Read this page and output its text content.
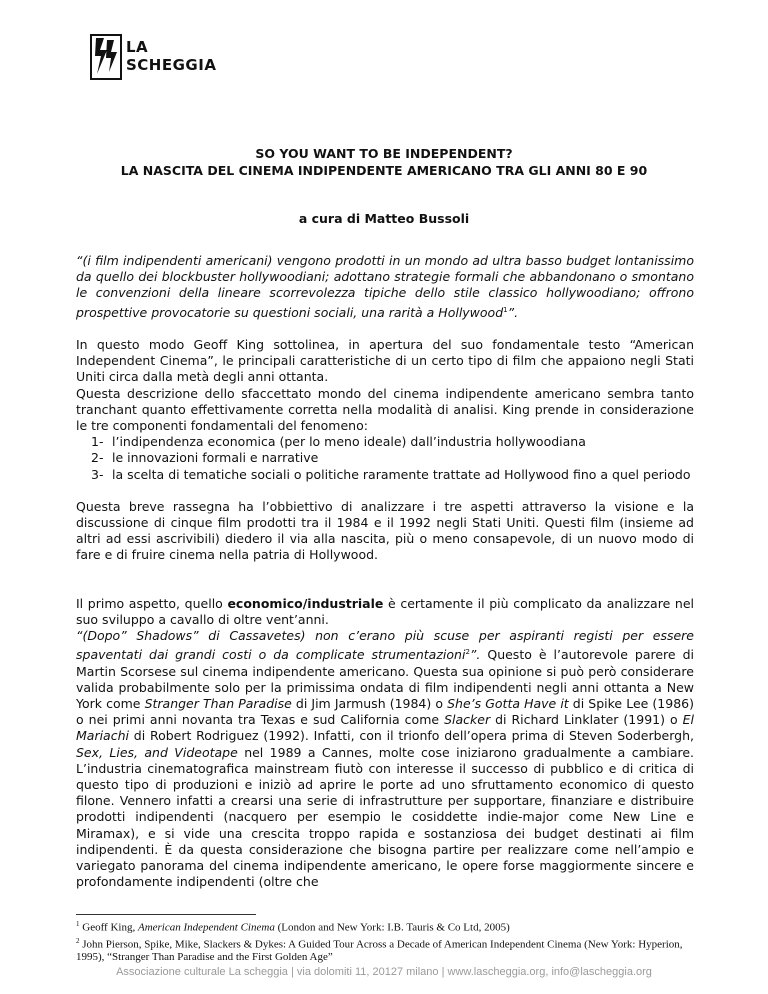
LA
SCHEGGIA
SO YOU WANT TO BE INDEPENDENT?
LA NASCITA DEL CINEMA INDIPENDENTE AMERICANO TRA GLI ANNI 80 E 90
a cura di Matteo Bussoli

“(i film indipendenti americani) vengono prodotti in un mondo ad ultra basso budget lontanissimo da quello dei blockbuster hollywoodiani; adottano strategie formali che abbandonano o smontano le convenzioni della lineare scorrevolezza tipiche dello stile classico hollywoodiano; offrono prospettive provocatorie su questioni sociali, una rarità a Hollywood$^1$”.

In questo modo Geoff King sottolinea, in apertura del suo fondamentale testo “American Independent Cinema”, le principali caratteristiche di un certo tipo di film che appaiono negli Stati Uniti circa dalla metà degli anni ottanta.

Questa descrizione dello sfaccettato mondo del cinema indipendente americano sembra tanto tranchant quanto effettivamente corretta nella modalità di analisi. King prende in considerazione le tre componenti fondamentali del fenomeno:

1- l’indipendenza economica (per lo meno ideale) dall’industria hollywoodiana
2- le innovazioni formali e narrative
3- la scelta di tematiche sociali o politiche raramente trattate ad Hollywood fino a quel periodo

Questa breve rassegna ha l’obbiettivo di analizzare i tre aspetti attraverso la visione e la discussione di cinque film prodotti tra il 1984 e il 1992 negli Stati Uniti. Questi film (insieme ad altri ad essi ascrivibili) diedero il via alla nascita, più o meno consapevole, di un nuovo modo di fare e di fruire cinema nella patria di Hollywood.

Il primo aspetto, quello economico/industriale è certamente il più complicato da analizzare nel suo sviluppo a cavallo di oltre vent’anni.

“(Dopo” Shadows” di Cassavetes) non c’erano più scuse per aspiranti registi per essere spaventati dai grandi costi o da complicate strumentazioni$^2$”. Questo è l’autorevole parere di Martin Scorsese sul cinema indipendente americano. Questa sua opinione si può però considerare valida probabilmente solo per la primissima ondata di film indipendenti negli anni ottanta a New York come Stranger Than Paradise di Jim Jarmush (1984) o She’s Gotta Have it di Spike Lee (1986) o nei primi anni novanta tra Texas e sud California come Slacker di Richard Linklater (1991) o El Mariachi di Robert Rodriguez (1992). Infatti, con il trionfo dell’opera prima di Steven Soderbergh, Sex, Lies, and Videotape nel 1989 a Cannes, molte cose iniziarono gradualmente a cambiare. L’industria cinematografica mainstream fiutò con interesse il successo di pubblico e di critica di questo tipo di produzioni e iniziò ad aprire le porte ad uno sfruttamento economico di questo filone. Vennero infatti a crearsi una serie di infrastrutture per supportare, finanziare e distribuire prodotti indipendenti (nacquero per esempio le cosiddette indie-major come New Line e Miramax), e si vide una crescita troppo rapida e sostanziosa dei budget destinati ai film indipendenti. È da questa considerazione che bisogna partire per realizzare come nell’ampio e variegato panorama del cinema indipendente americano, le opere forse maggiormente sincere e profondamente indipendenti (oltre che

$^1$ Geoff King, American Independent Cinema (London and New York: I.B. Tauris & Co Ltd, 2005)
$^2$ John Pierson, Spike, Mike, Slackers & Dykes: A Guided Tour Across a Decade of American Independent Cinema (New York: Hyperion, 1995), “Stranger Than Paradise and the First Golden Age”
Associazione culturale La scheggia | via dolomiti 11, 20127 milano | www.lascheggia.org, info@lascheggia.org
